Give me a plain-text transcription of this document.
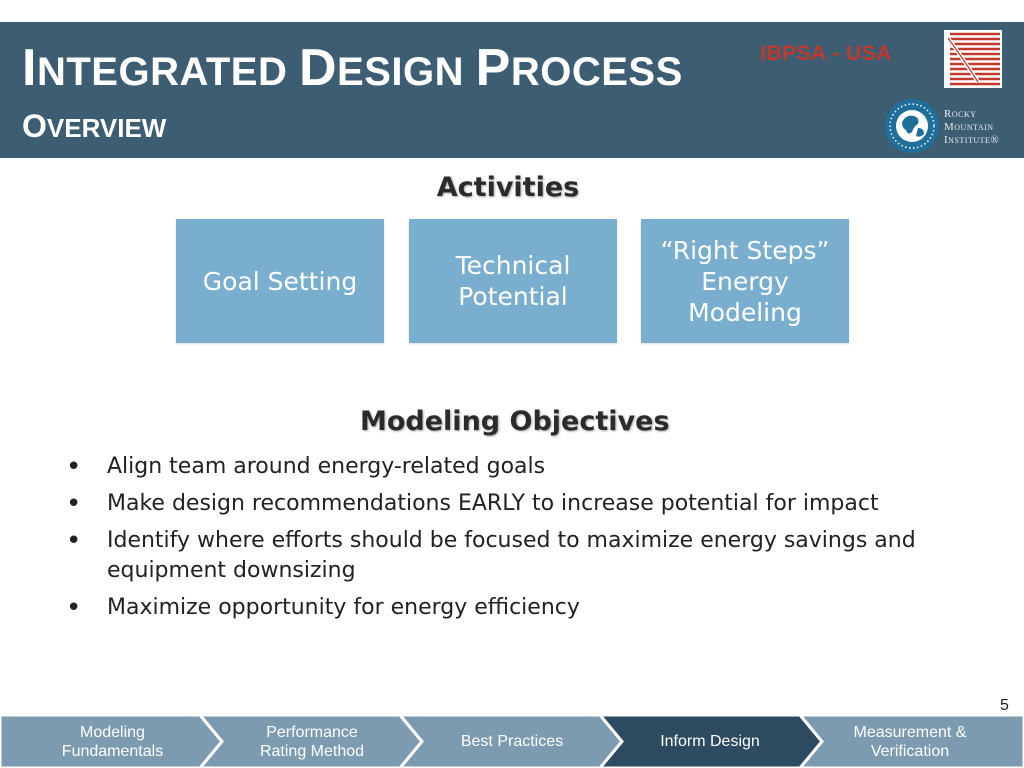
INTEGRATED DESIGN PROCESS
OVERVIEW
IBPSA - USA
Rocky
Mountain
Institute®
Activities
Goal Setting
Technical
Potential
“Right Steps”
Energy
Modeling
Modeling Objectives
• Align team around energy-related goals
• Make design recommendations EARLY to increase potential for impact
• Identify where efforts should be focused to maximize energy savings and equipment downsizing
• Maximize opportunity for energy efficiency
5
Modeling
Fundamentals
Performance
Rating Method
Best Practices	Inform Design
Measurement &
Verification
